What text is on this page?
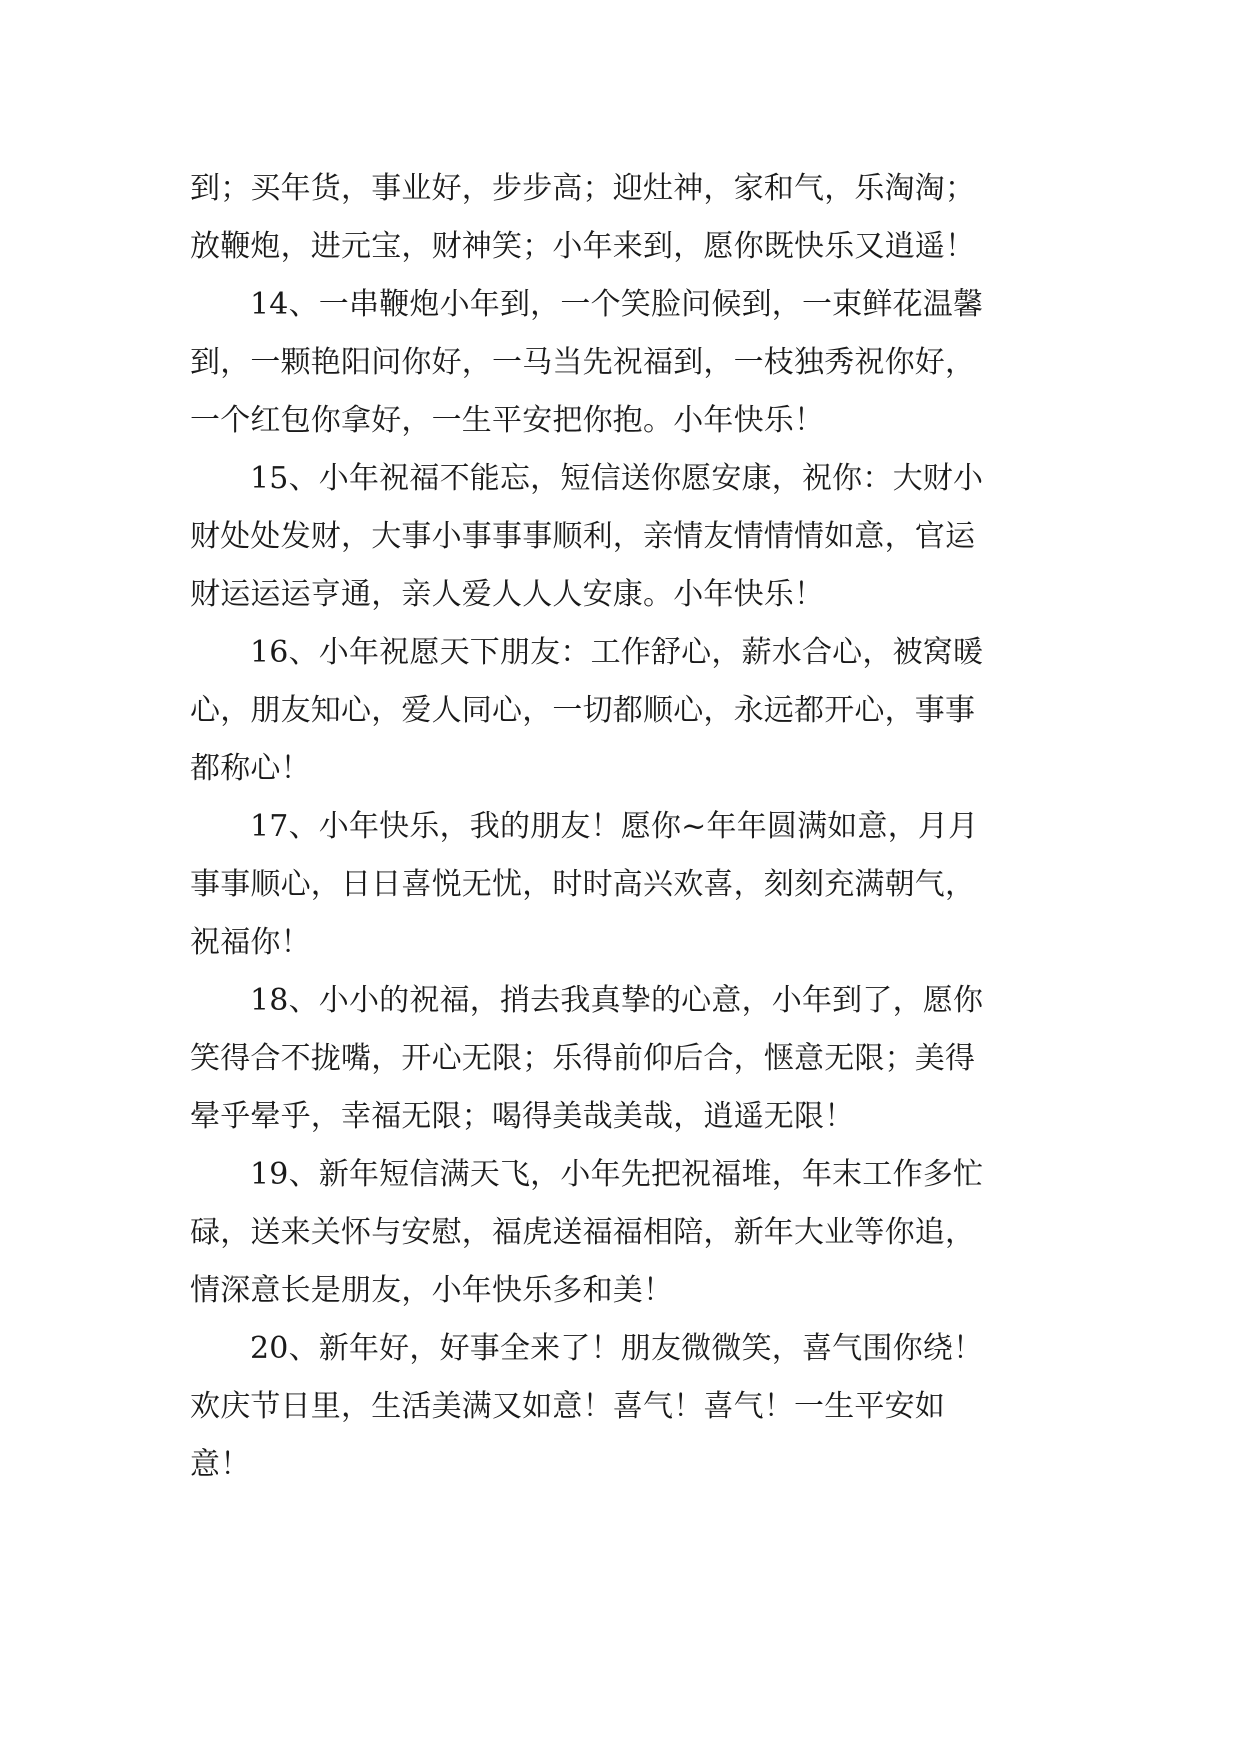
到；买年货，事业好，步步高；迎灶神，家和气，乐淘淘；
放鞭炮，进元宝，财神笑；小年来到，愿你既快乐又逍遥！
14、一串鞭炮小年到，一个笑脸问候到，一束鲜花温馨
到，一颗艳阳问你好，一马当先祝福到，一枝独秀祝你好，
一个红包你拿好，一生平安把你抱。小年快乐！
15、小年祝福不能忘，短信送你愿安康，祝你：大财小
财处处发财，大事小事事事顺利，亲情友情情情如意，官运
财运运运亨通，亲人爱人人人安康。小年快乐！
16、小年祝愿天下朋友：工作舒心，薪水合心，被窝暖
心，朋友知心，爱人同心，一切都顺心，永远都开心，事事
都称心！
17、小年快乐，我的朋友！愿你~年年圆满如意，月月
事事顺心，日日喜悦无忧，时时高兴欢喜，刻刻充满朝气，
祝福你！
18、小小的祝福，捎去我真挚的心意，小年到了，愿你
笑得合不拢嘴，开心无限；乐得前仰后合，惬意无限；美得
晕乎晕乎，幸福无限；喝得美哉美哉，逍遥无限！
19、新年短信满天飞，小年先把祝福堆，年末工作多忙
碌，送来关怀与安慰，福虎送福福相陪，新年大业等你追，
情深意长是朋友，小年快乐多和美！
20、新年好，好事全来了！朋友微微笑，喜气围你绕！
欢庆节日里，生活美满又如意！喜气！喜气！一生平安如
意！
